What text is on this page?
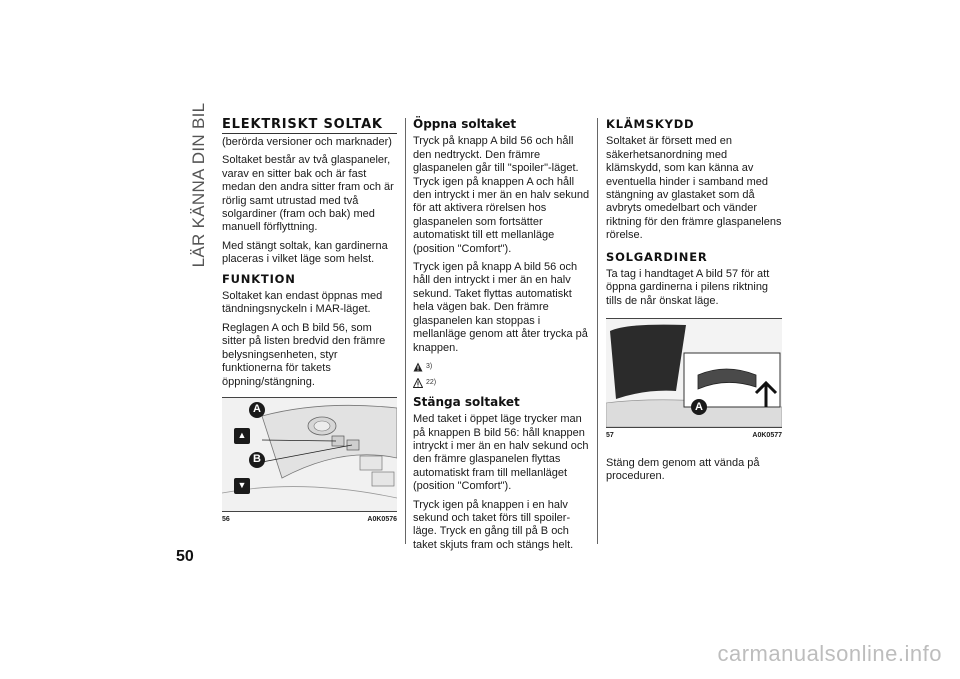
LÄR KÄNNA DIN BIL
50
ELEKTRISKT SOLTAK

(berörda versioner och marknader)

Soltaket består av två glaspaneler, varav en sitter bak och är fast medan den andra sitter fram och är rörlig samt utrustad med två solgardiner (fram och bak) med manuell förflyttning.

Med stängt soltak, kan gardinerna placeras i vilket läge som helst.

FUNKTION

Soltaket kan endast öppnas med tändningsnyckeln i MAR-läget.

Reglagen A och B bild 56, som sitter på listen bredvid den främre belysningsenheten, styr funktionerna för takets öppning/stängning.

A
▲
B
▼
56	A0K0576
Öppna soltaket

Tryck på knapp A bild 56 och håll den nedtryckt. Den främre glaspanelen går till "spoiler"-läget. Tryck igen på knappen A och håll den intryckt i mer än en halv sekund för att aktivera rörelsen hos glaspanelen som fortsätter automatiskt till ett mellanläge (position "Comfort").

Tryck igen på knapp A bild 56 och håll den intryckt i mer än en halv sekund. Taket flyttas automatiskt hela vägen bak. Den främre glaspanelen kan stoppas i mellanläge genom att åter trycka på knappen.

3)
22)
Stänga soltaket

Med taket i öppet läge trycker man på knappen B bild 56: håll knappen intryckt i mer än en halv sekund och den främre glaspanelen flyttas automatiskt fram till mellanläget (position "Comfort").

Tryck igen på knappen i en halv sekund och taket förs till spoiler-läge. Tryck en gång till på B och taket skjuts fram och stängs helt.

KLÄMSKYDD

Soltaket är försett med en säkerhetsanordning med klämskydd, som kan känna av eventuella hinder i samband med stängning av glastaket som då avbryts omedelbart och vänder riktning för den främre glaspanelens rörelse.

SOLGARDINER

Ta tag i handtaget A bild 57 för att öppna gardinerna i pilens riktning tills de når önskat läge.

A
57	A0K0577

Stäng dem genom att vända på proceduren.

carmanualsonline.info
